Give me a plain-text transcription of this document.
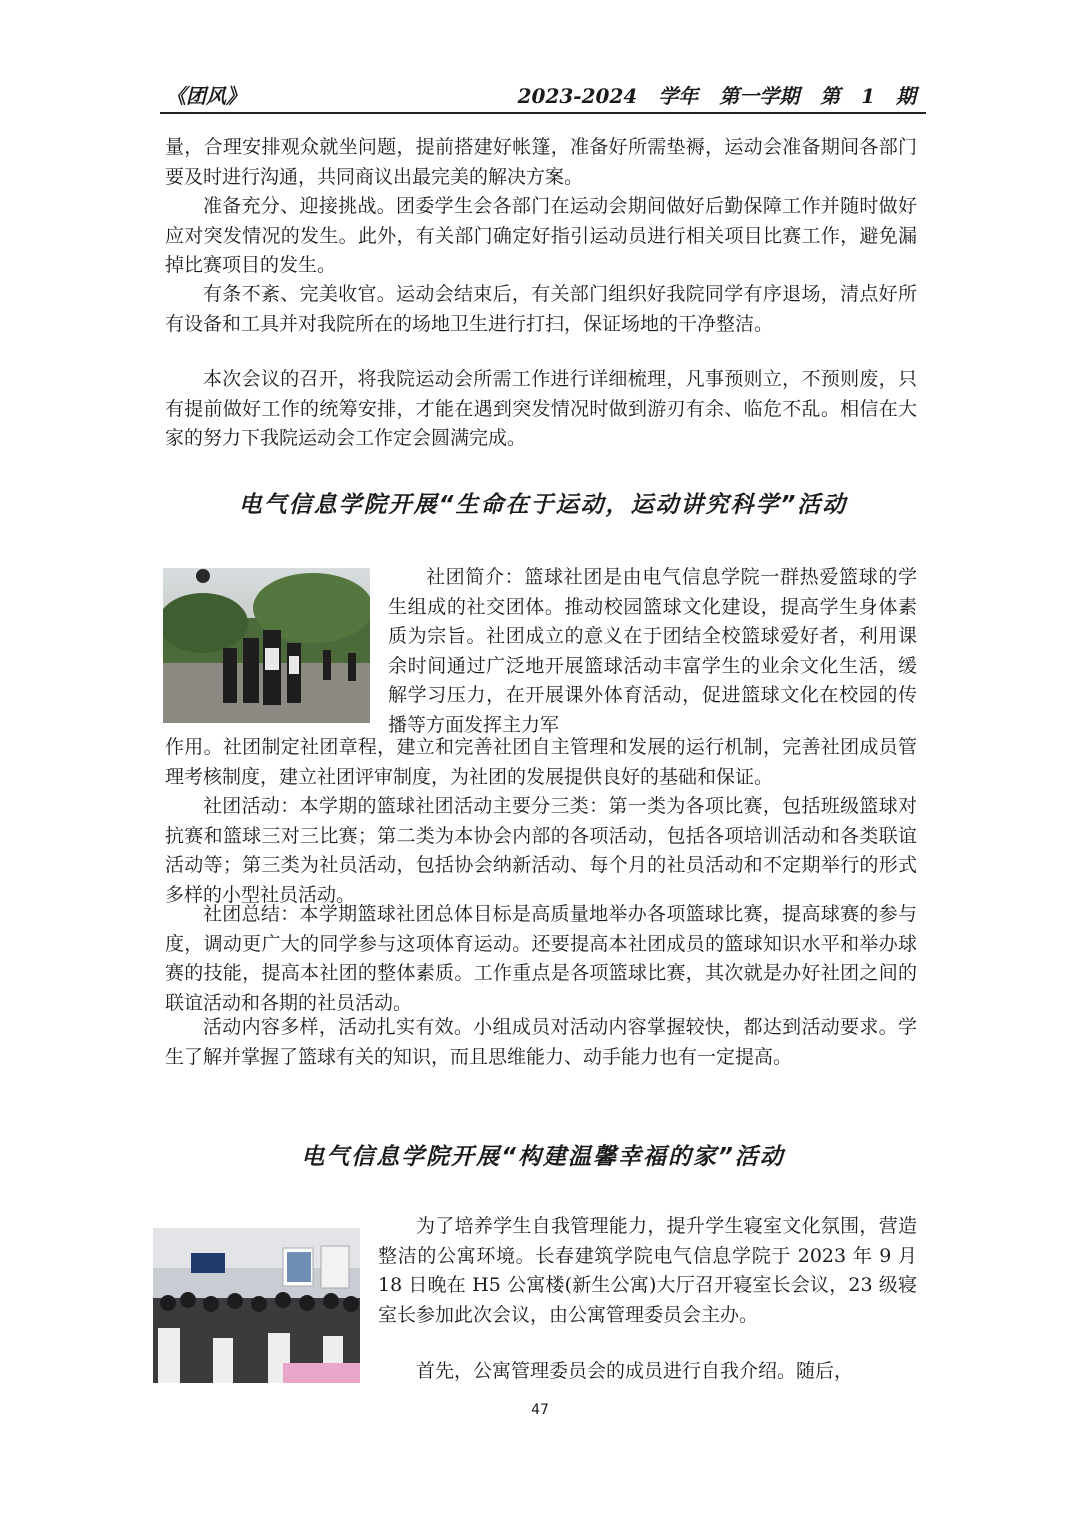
《团风》	2023-2024 学年 第一学期 第 1 期

量，合理安排观众就坐问题，提前搭建好帐篷，准备好所需垫褥，运动会准备期间各部门要及时进行沟通，共同商议出最完美的解决方案。

准备充分、迎接挑战。团委学生会各部门在运动会期间做好后勤保障工作并随时做好应对突发情况的发生。此外，有关部门确定好指引运动员进行相关项目比赛工作，避免漏掉比赛项目的发生。

有条不紊、完美收官。运动会结束后，有关部门组织好我院同学有序退场，清点好所有设备和工具并对我院所在的场地卫生进行打扫，保证场地的干净整洁。

本次会议的召开，将我院运动会所需工作进行详细梳理，凡事预则立，不预则废，只有提前做好工作的统筹安排，才能在遇到突发情况时做到游刃有余、临危不乱。相信在大家的努力下我院运动会工作定会圆满完成。

电气信息学院开展“生命在于运动，运动讲究科学”活动

社团简介：篮球社团是由电气信息学院一群热爱篮球的学生组成的社交团体。推动校园篮球文化建设，提高学生身体素质为宗旨。社团成立的意义在于团结全校篮球爱好者，利用课余时间通过广泛地开展篮球活动丰富学生的业余文化生活，缓解学习压力，在开展课外体育活动，促进篮球文化在校园的传播等方面发挥主力军

作用。社团制定社团章程，建立和完善社团自主管理和发展的运行机制，完善社团成员管理考核制度，建立社团评审制度，为社团的发展提供良好的基础和保证。

社团活动：本学期的篮球社团活动主要分三类：第一类为各项比赛，包括班级篮球对抗赛和篮球三对三比赛；第二类为本协会内部的各项活动，包括各项培训活动和各类联谊活动等；第三类为社员活动，包括协会纳新活动、每个月的社员活动和不定期举行的形式多样的小型社员活动。

社团总结：本学期篮球社团总体目标是高质量地举办各项篮球比赛，提高球赛的参与度，调动更广大的同学参与这项体育运动。还要提高本社团成员的篮球知识水平和举办球赛的技能，提高本社团的整体素质。工作重点是各项篮球比赛，其次就是办好社团之间的联谊活动和各期的社员活动。

活动内容多样，活动扎实有效。小组成员对活动内容掌握较快，都达到活动要求。学生了解并掌握了篮球有关的知识，而且思维能力、动手能力也有一定提高。

电气信息学院开展“构建温馨幸福的家”活动

为了培养学生自我管理能力，提升学生寝室文化氛围，营造整洁的公寓环境。长春建筑学院电气信息学院于 2023 年 9 月 18 日晚在 H5 公寓楼(新生公寓)大厅召开寝室长会议，23 级寝室长参加此次会议，由公寓管理委员会主办。

首先，公寓管理委员会的成员进行自我介绍。随后，

47
